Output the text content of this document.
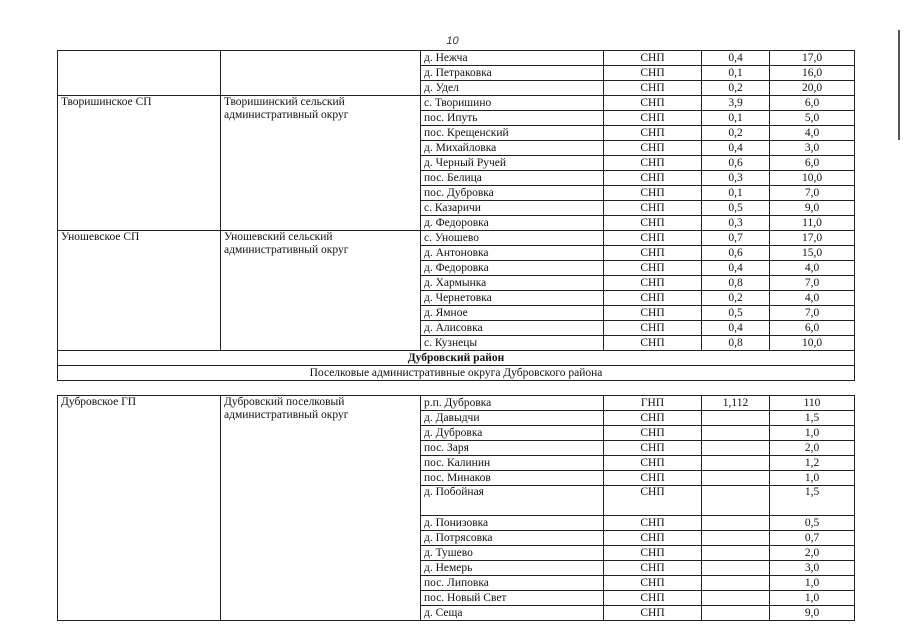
10
		д. Нежча	СНП	0,4	17,0
		д. Петраковка	СНП	0,1	16,0
		д. Удел	СНП	0,2	20,0
Творишинское СП	Творишинский сельский административный округ	с. Творишино	СНП	3,9	6,0
		пос. Ипуть	СНП	0,1	5,0
		пос. Крещенский	СНП	0,2	4,0
		д. Михайловка	СНП	0,4	3,0
		д. Черный Ручей	СНП	0,6	6,0
		пос. Белица	СНП	0,3	10,0
		пос. Дубровка	СНП	0,1	7,0
		с. Казаричи	СНП	0,5	9,0
		д. Федоровка	СНП	0,3	11,0
Унoшевское СП	Унoшевский сельский административный округ	с. Унoшево	СНП	0,7	17,0
		д. Антоновка	СНП	0,6	15,0
		д. Федоровка	СНП	0,4	4,0
		д. Хармынка	СНП	0,8	7,0
		д. Чернетовка	СНП	0,2	4,0
		д. Ямное	СНП	0,5	7,0
		д. Алисовка	СНП	0,4	6,0
		с. Кузнецы	СНП	0,8	10,0
Дубровский район					
Поселковые административные округа Дубровского района					

Дубровское ГП	Дубровский поселковый административный округ	р.п. Дубровка	ГНП	1,112	110
		д. Давыдчи	СНП		1,5
		д. Дубровка	СНП		1,0
		пос. Заря	СНП		2,0
		пос. Калинин	СНП		1,2
		пос. Минаков	СНП		1,0
		д. Побойная	СНП		1,5
		д. Понизовка	СНП		0,5
		д. Потрясовка	СНП		0,7
		д. Тушево	СНП		2,0
		д. Немерь	СНП		3,0
		пос. Липовка	СНП		1,0
		пос. Новый Свет	СНП		1,0
		д. Сеща	СНП		9,0
